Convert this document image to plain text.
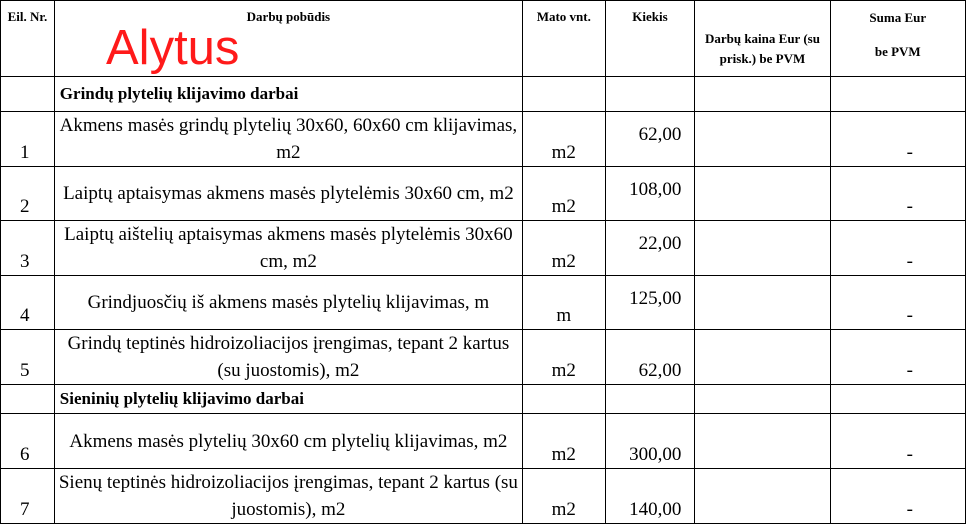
Eil. Nr.	Darbų pobūdis	Mato vnt.	Kiekis	Darbų kaina Eur (su prisk.) be PVM	Suma Eur
be PVM

	Grindų plytelių klijavimo darbai				
1	Akmens masės grindų plytelių 30x60, 60x60 cm klijavimas, m2	m2	62,00		-
2	Laiptų aptaisymas akmens masės plytelėmis 30x60 cm, m2	m2	108,00		-
3	Laiptų aištelių aptaisymas akmens masės plytelėmis 30x60 cm, m2	m2	22,00		-
4	Grindjuosčių iš akmens masės plytelių klijavimas, m	m	125,00		-
5	Grindų teptinės hidroizoliacijos įrengimas, tepant 2 kartus (su juostomis), m2	m2	62,00		-
	Sieninių plytelių klijavimo darbai				
6	Akmens masės plytelių 30x60 cm plytelių klijavimas, m2	m2	300,00		-
7	Sienų teptinės hidroizoliacijos įrengimas, tepant 2 kartus (su juostomis), m2	m2	140,00		-
Alytus
